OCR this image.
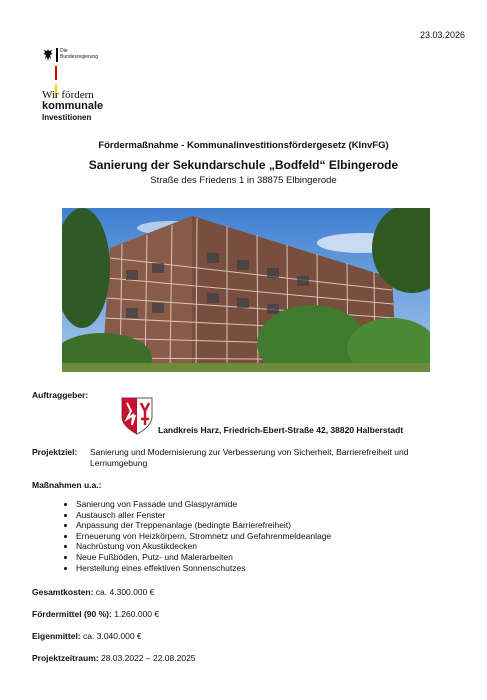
23.03.2026
Die
Bundesregierung
Wir fördern
kommunale
Investitionen
Fördermaßnahme - Kommunalinvestitionsfördergesetz (KInvFG)
Sanierung der Sekundarschule „Bodfeld“ Elbingerode
Straße des Friedens 1 in 38875 Elbingerode
Auftraggeber:
Landkreis Harz, Friedrich-Ebert-Straße 42, 38820 Halberstadt
Projektziel: Sanierung und Modernisierung zur Verbesserung von Sicherheit, Barrierefreiheit und Lernumgebung
Maßnahmen u.a.:
• Sanierung von Fassade und Glaspyramide
• Austausch aller Fenster
• Anpassung der Treppenanlage (bedingte Barrierefreiheit)
• Erneuerung von Heizkörpern, Stromnetz und Gefahrenmeldeanlage
• Nachrüstung von Akustikdecken
• Neue Fußböden, Putz- und Malerarbeiten
• Herstellung eines effektiven Sonnenschutzes
Gesamtkosten: ca. 4.300.000 €
Fördermittel (90 %): 1.260.000 €
Eigenmittel: ca. 3.040.000 €
Projektzeitraum: 28.03.2022 – 22.08.2025
